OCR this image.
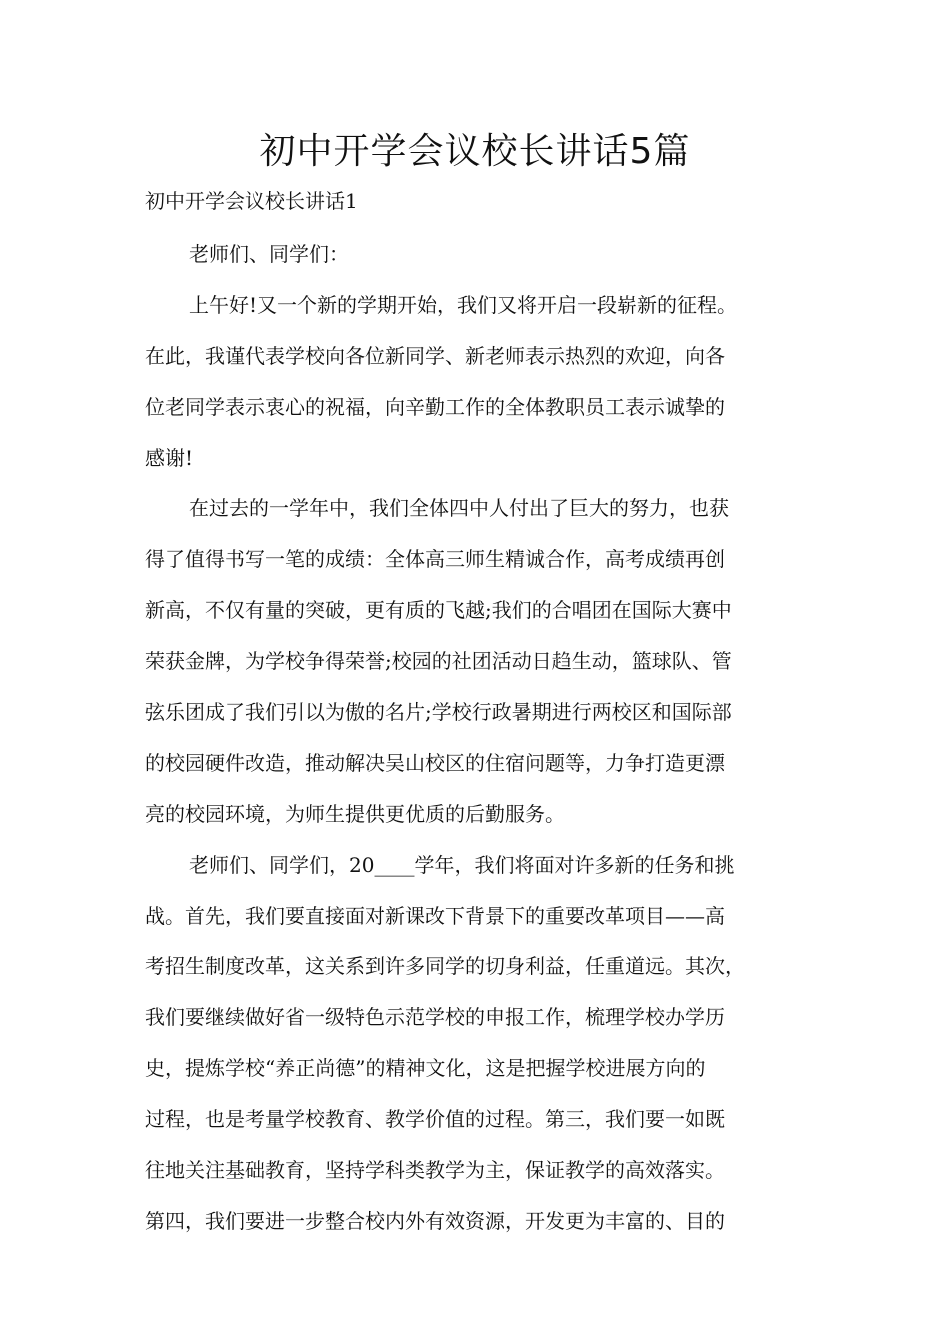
初中开学会议校长讲话5篇
初中开学会议校长讲话1
老师们、同学们：
上午好!又一个新的学期开始，我们又将开启一段崭新的征程。
在此，我谨代表学校向各位新同学、新老师表示热烈的欢迎，向各
位老同学表示衷心的祝福，向辛勤工作的全体教职员工表示诚挚的
感谢!
在过去的一学年中，我们全体四中人付出了巨大的努力，也获
得了值得书写一笔的成绩：全体高三师生精诚合作，高考成绩再创
新高，不仅有量的突破，更有质的飞越;我们的合唱团在国际大赛中
荣获金牌，为学校争得荣誉;校园的社团活动日趋生动，篮球队、管
弦乐团成了我们引以为傲的名片;学校行政暑期进行两校区和国际部
的校园硬件改造，推动解决吴山校区的住宿问题等，力争打造更漂
亮的校园环境，为师生提供更优质的后勤服务。
老师们、同学们，20____学年，我们将面对许多新的任务和挑
战。首先，我们要直接面对新课改下背景下的重要改革项目——高
考招生制度改革，这关系到许多同学的切身利益，任重道远。其次，
我们要继续做好省一级特色示范学校的申报工作，梳理学校办学历
史，提炼学校“养正尚德”的精神文化，这是把握学校进展方向的
过程，也是考量学校教育、教学价值的过程。第三，我们要一如既
往地关注基础教育，坚持学科类教学为主，保证教学的高效落实。
第四，我们要进一步整合校内外有效资源，开发更为丰富的、目的
